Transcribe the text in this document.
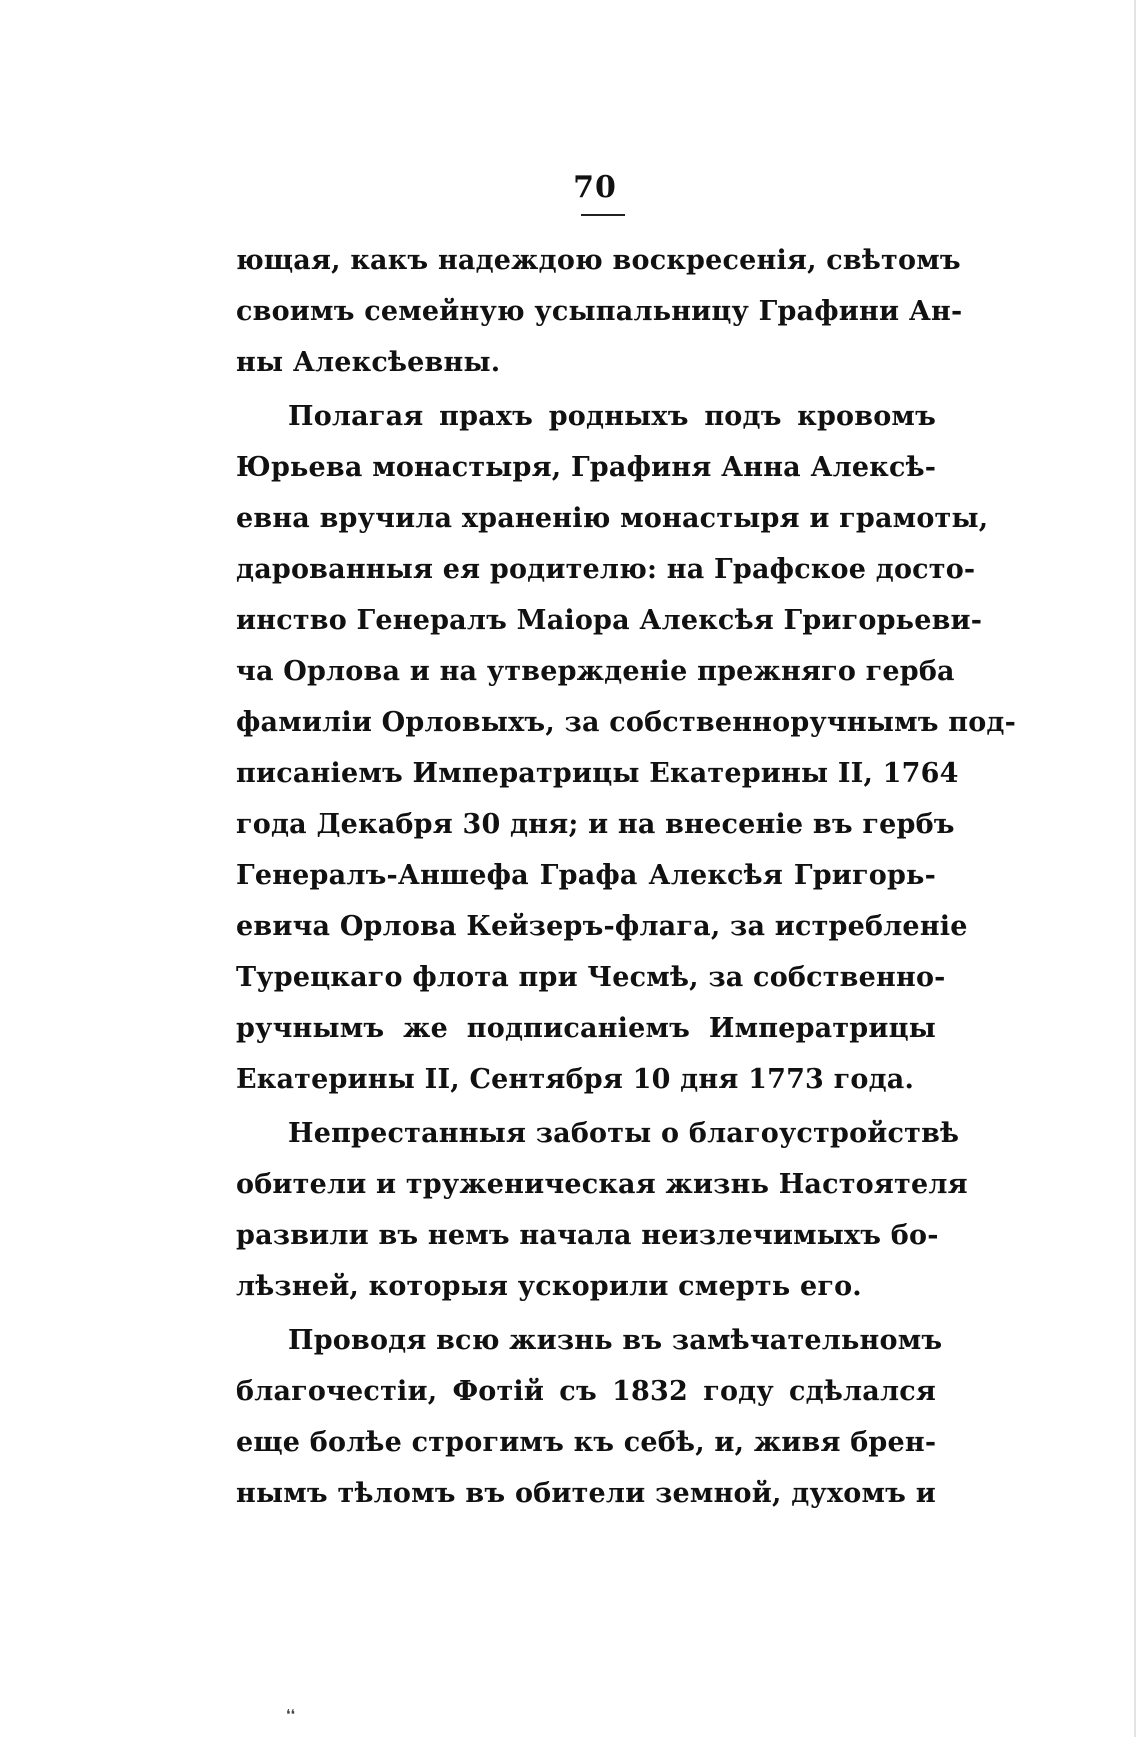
70
ющая, какъ надеждою воскресенія, свѣтомъ
своимъ семейную усыпальницу Графини Ан-
ны Алексѣевны.
Полагая прахъ родныхъ подъ кровомъ
Юрьева монастыря, Графиня Анна Алексѣ-
евна вручила храненію монастыря и грамоты,
дарованныя ея родителю: на Графское досто-
инство Генералъ Маіора Алексѣя Григорьеви-
ча Орлова и на утвержденіе прежняго герба
фамиліи Орловыхъ, за собственноручнымъ под-
писаніемъ Императрицы Екатерины II, 1764
года Декабря 30 дня; и на внесеніе въ гербъ
Генералъ-Аншефа Графа Алексѣя Григорь-
евича Орлова Кейзеръ-флага, за истребленіе
Турецкаго флота при Чесмѣ, за собственно-
ручнымъ же подписаніемъ Императрицы
Екатерины II, Сентября 10 дня 1773 года.
Непрестанныя заботы о благоустройствѣ
обители и труженическая жизнь Настоятеля
развили въ немъ начала неизлечимыхъ бо-
лѣзней, которыя ускорили смерть его.
Проводя всю жизнь въ замѣчательномъ
благочестіи, Фотій съ 1832 году сдѣлался
еще болѣе строгимъ къ себѣ, и, живя брен-
нымъ тѣломъ въ обители земной, духомъ и
❛❛
